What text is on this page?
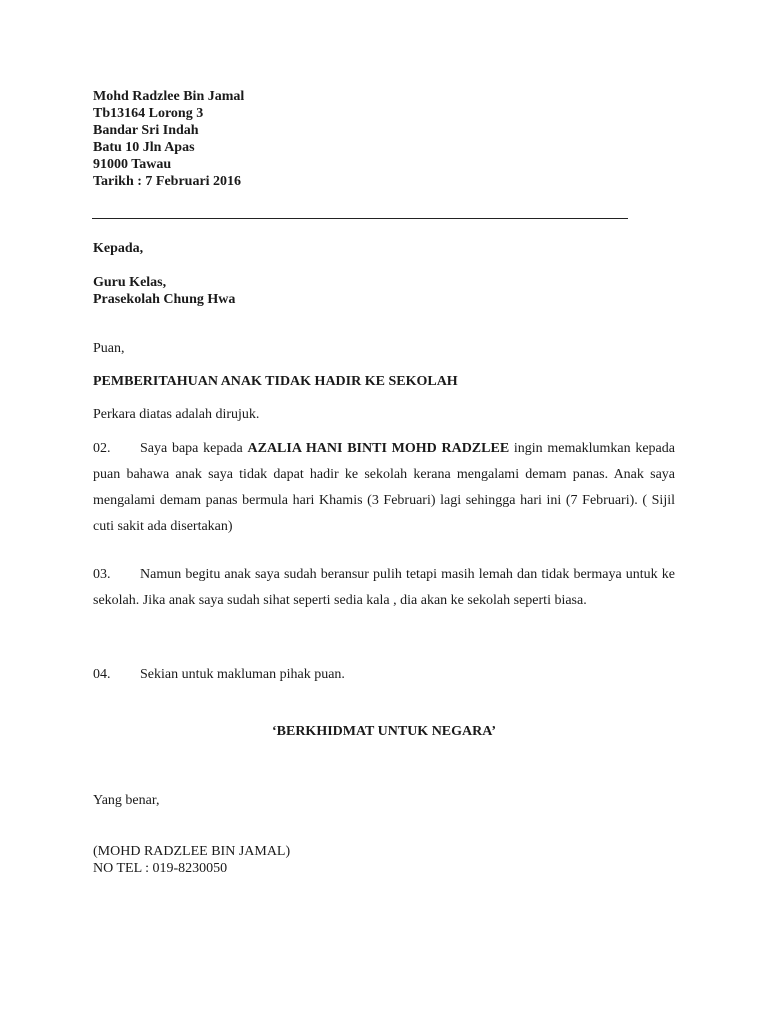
Mohd Radzlee Bin Jamal
Tb13164 Lorong 3
Bandar Sri Indah
Batu 10 Jln Apas
91000 Tawau
Tarikh : 7 Februari 2016
Kepada,
Guru Kelas,
Prasekolah Chung Hwa
Puan,
PEMBERITAHUAN ANAK TIDAK HADIR KE SEKOLAH
Perkara diatas adalah dirujuk.
02. Saya bapa kepada AZALIA HANI BINTI MOHD RADZLEE ingin memaklumkan kepada puan bahawa anak saya tidak dapat hadir ke sekolah kerana mengalami demam panas. Anak saya mengalami demam panas bermula hari Khamis (3 Februari) lagi sehingga hari ini (7 Februari). ( Sijil cuti sakit ada disertakan)
03. Namun begitu anak saya sudah beransur pulih tetapi masih lemah dan tidak bermaya untuk ke sekolah. Jika anak saya sudah sihat seperti sedia kala , dia akan ke sekolah seperti biasa.
04. Sekian untuk makluman pihak puan.
‘BERKHIDMAT UNTUK NEGARA’
Yang benar,
(MOHD RADZLEE BIN JAMAL)
NO TEL : 019-8230050
